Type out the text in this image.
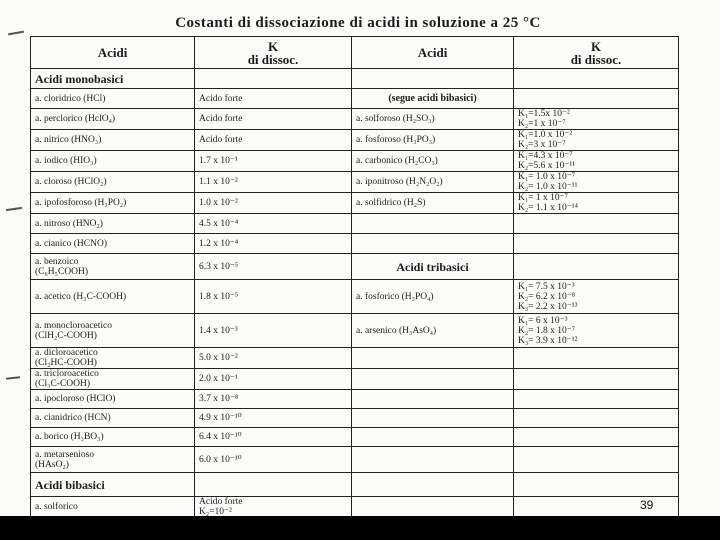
Costanti di dissociazione di acidi in soluzione a 25 °C
Acidi	K
di dissoc.	Acidi	K
di dissoc.

Acidi monobasici			
a. cloridrico (HCl)	Acido forte	(segue acidi bibasici)	
a. perclorico (HclO₄)	Acido forte	a. solforoso (H₂SO₃)	K₁=1.5x 10⁻²
K₂=1 x 10⁻⁷

a. nitrico (HNO₃)	Acido forte	a. fosforoso (H₃PO₃)	K₁=1.0 x 10⁻²
K₂=3 x 10⁻⁷

a. iodico (HIO₃)	1.7 x 10⁻¹	a. carbonico (H₂CO₃)	K₁=4.3 x 10⁻⁷
K₂=5.6 x 10⁻¹¹

a. cloroso (HClO₂)	1.1 x 10⁻²	a. iponitroso (H₂N₂O₂)	K₁= 1.0 x 10⁻⁷
K₂= 1.0 x 10⁻¹¹

a. ipofosforoso (H₃PO₂)	1.0 x 10⁻²	a. solfidrico (H₂S)	K₁= 1 x 10⁻⁷
K₂= 1.1 x 10⁻¹⁴

a. nitroso (HNO₂)	4.5 x 10⁻⁴		
a. cianico (HCNO)	1.2 x 10⁻⁴		

a. benzoico
(C₆H₅COOH)	6.3 x 10⁻⁵	Acidi tribasici	
a. acetico (H₃C-COOH)	1.8 x 10⁻⁵	a. fosforico (H₃PO₄)	K₁= 7.5 x 10⁻³
K₂= 6.2 x 10⁻⁸
K₃= 2.2 x 10⁻¹³

a. monocloroacetico
(ClH₂C-COOH)	1.4 x 10⁻³	a. arsenico (H₃AsO₄)	K₁= 6 x 10⁻³
K₂= 1.8 x 10⁻⁷
K₃= 3.9 x 10⁻¹²

a. dicloroacetico
(Cl₂HC-COOH)	5.0 x 10⁻²		

a. tricloroacetico
(Cl₃C-COOH)	2.0 x 10⁻¹		
a. ipocloroso (HClO)	3.7 x 10⁻⁸		
a. cianidrico (HCN)	4.9 x 10⁻¹⁰		
a. borico (H₃BO₃)	6.4 x 10⁻¹⁰		

a. metarsenioso
(HAsO₂)	6.0 x 10⁻¹⁰		
Acidi bibasici			
a. solforico	Acido forte
K₂=10⁻²		

			39
